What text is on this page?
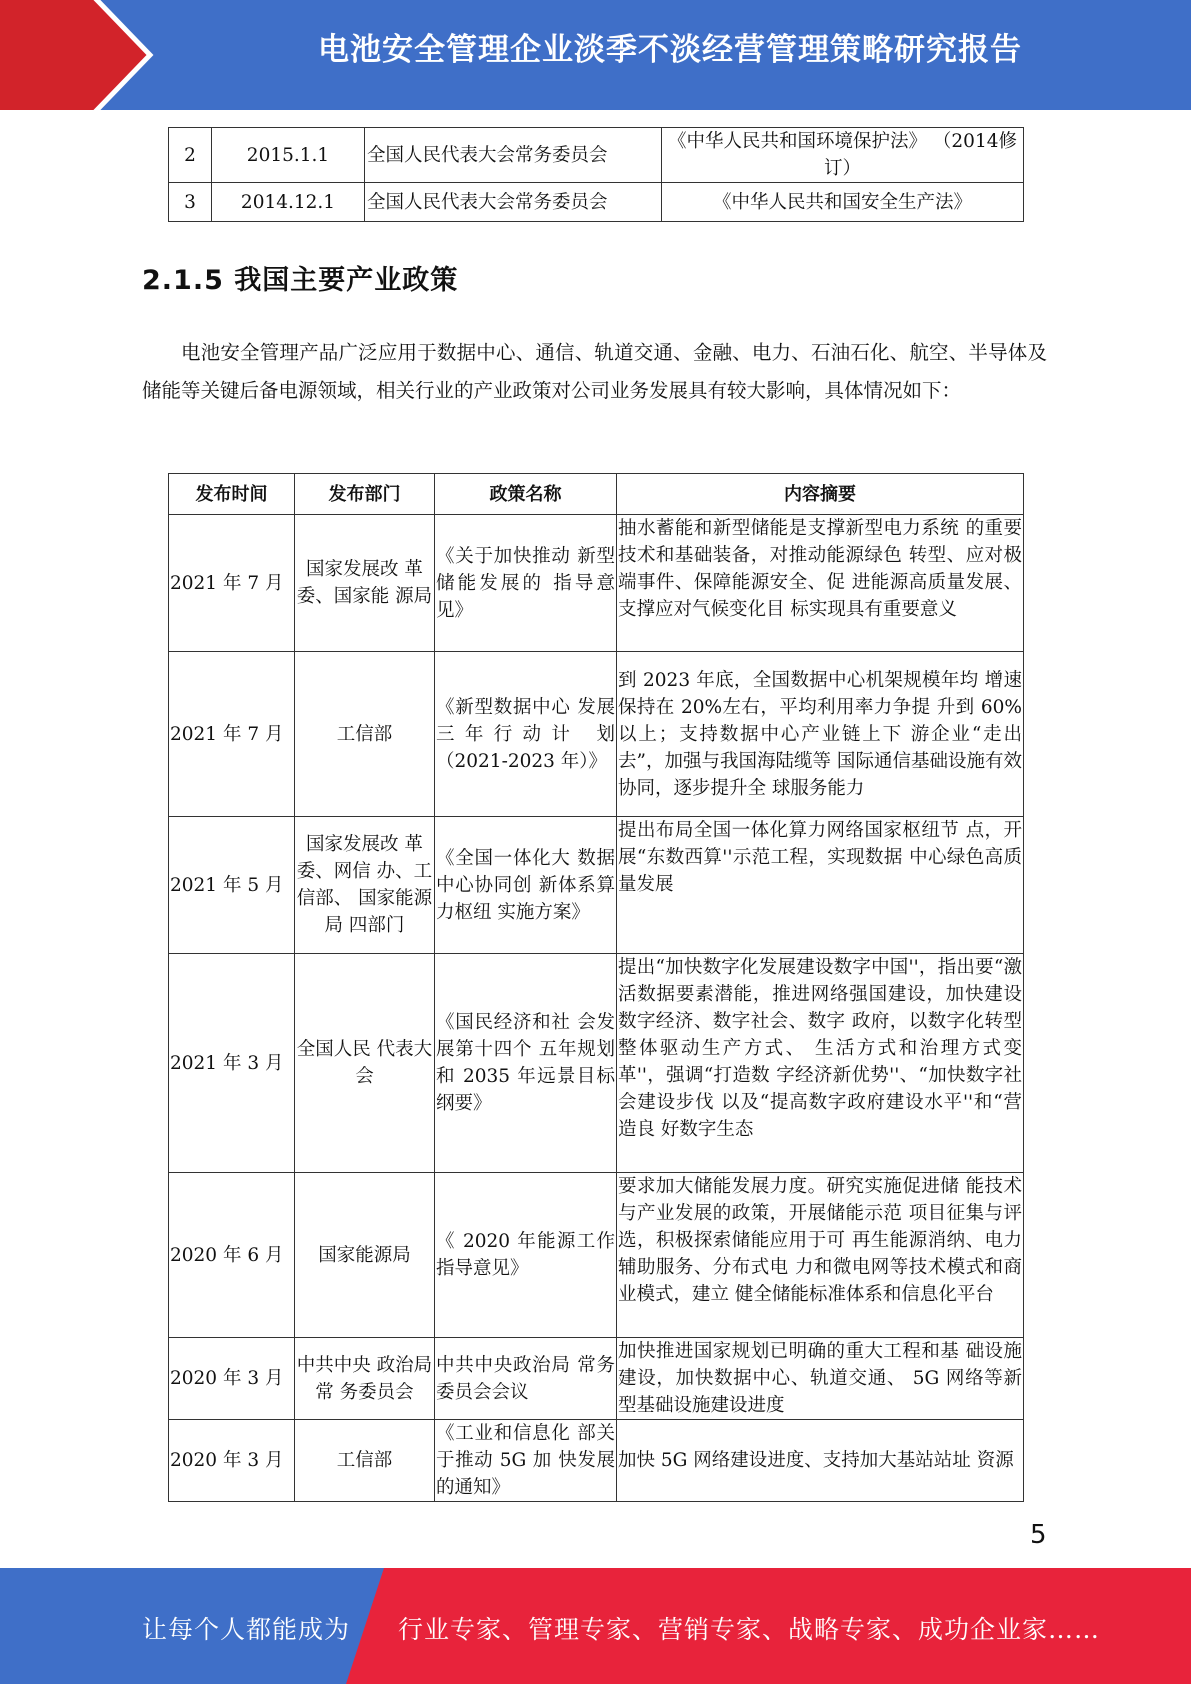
电池安全管理企业淡季不淡经营管理策略研究报告
2	2015.1.1	全国人民代表大会常务委员会	《中华人民共和国环境保护法》 （2014修订）
3	2014.12.1	全国人民代表大会常务委员会	《中华人民共和国安全生产法》
2.1.5 我国主要产业政策

电池安全管理产品广泛应用于数据中心、通信、轨道交通、金融、电力、石油石化、航空、半导体及储能等关键后备电源领域，相关行业的产业政策对公司业务发展具有较大影响，具体情况如下：

发布时间	发布部门	政策名称	内容摘要
2021 年 7 月	国家发展改 革委、国家能 源局	《关于加快推动 新型储能发展的 指导意见》	抽水蓄能和新型储能是支撑新型电力系统 的重要技术和基础装备，对推动能源绿色 转型、应对极端事件、保障能源安全、促 进能源高质量发展、支撑应对气候变化目 标实现具有重要意义
2021 年 7 月	工信部	《新型数据中心 发展三年行动计 划（2021-2023 年）》	到 2023 年底，全国数据中心机架规模年均 增速保持在 20%左右，平均利用率力争提 升到 60%以上；支持数据中心产业链上下 游企业“走出去”，加强与我国海陆缆等 国际通信基础设施有效协同，逐步提升全 球服务能力
2021 年 5 月	国家发展改 革委、网信 办、工信部、 国家能源局 四部门	《全国一体化大 数据中心协同创 新体系算力枢纽 实施方案》	提出布局全国一体化算力网络国家枢纽节 点，开展“东数西算''示范工程，实现数据 中心绿色高质量发展
2021 年 3 月	全国人民 代表大会	《国民经济和社 会发展第十四个 五年规划和 2035 年远景目标纲要》	提出“加快数字化发展建设数字中国''，指出要“激活数据要素潜能，推进网络强国建设，加快建设数字经济、数字社会、数字 政府，以数字化转型整体驱动生产方式、 生活方式和治理方式变革''，强调“打造数 字经济新优势''、“加快数字社会建设步伐 以及“提高数字政府建设水平''和“营造良 好数字生态
2020 年 6 月	国家能源局	《 2020 年能源工作指导意见》	要求加大储能发展力度。研究实施促进储 能技术与产业发展的政策，开展储能示范 项目征集与评选，积极探索储能应用于可 再生能源消纳、电力辅助服务、分布式电 力和微电网等技术模式和商业模式，建立 健全储能标准体系和信息化平台
2020 年 3 月	中共中央 政治局常 务委员会	中共中央政治局 常务委员会会议	加快推进国家规划已明确的重大工程和基 础设施建设，加快数据中心、轨道交通、 5G 网络等新型基础设施建设进度
2020 年 3 月	工信部	《工业和信息化 部关于推动 5G 加 快发展的通知》	加快 5G 网络建设进度、支持加大基站站址 资源
5
让每个人都能成为 行业专家、管理专家、营销专家、战略专家、成功企业家……
